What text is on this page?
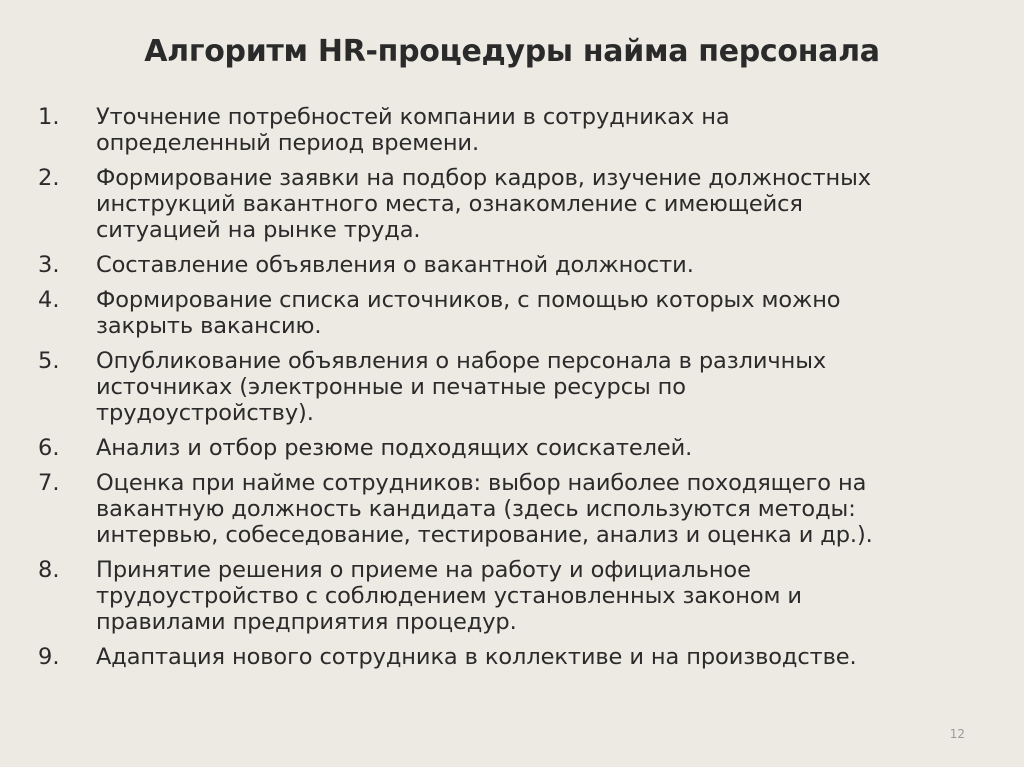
Алгоритм HR-процедуры найма персонала
1.	Уточнение потребностей компании в сотрудниках на
определенный период времени.
2.	Формирование заявки на подбор кадров, изучение должностных
инструкций вакантного места, ознакомление с имеющейся
ситуацией на рынке труда.
3.	Составление объявления о вакантной должности.
4.	Формирование списка источников, с помощью которых можно
закрыть вакансию.
5.	Опубликование объявления о наборе персонала в различных
источниках (электронные и печатные ресурсы по
трудоустройству).
6.	Анализ и отбор резюме подходящих соискателей.
7.	Оценка при найме сотрудников: выбор наиболее походящего на
вакантную должность кандидата (здесь используются методы:
интервью, собеседование, тестирование, анализ и оценка и др.).
8.	Принятие решения о приеме на работу и официальное
трудоустройство с соблюдением установленных законом и
правилами предприятия процедур.
9.	Адаптация нового сотрудника в коллективе и на производстве.
12
